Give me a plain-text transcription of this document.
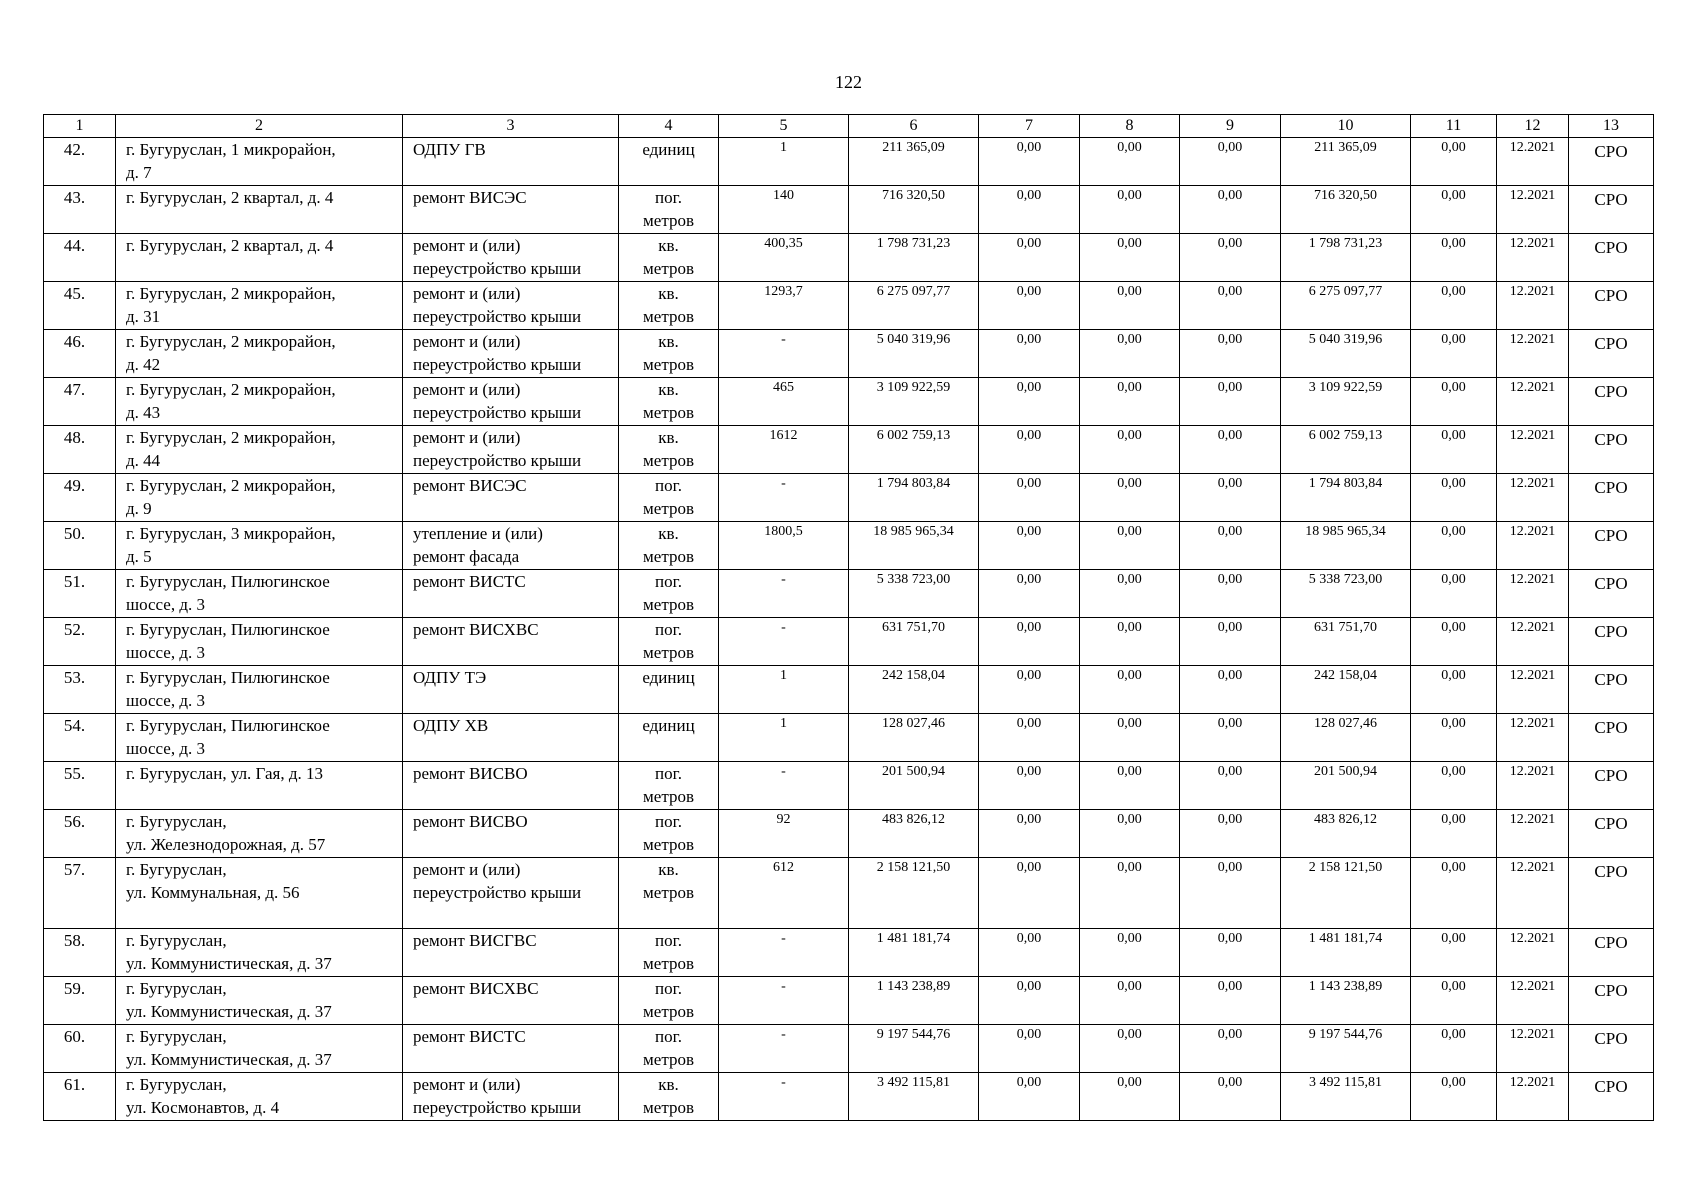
122
1	2	3	4	5	6	7	8	9	10	11	12	13
42.	г. Бугуруслан, 1 микрорайон,
д. 7	ОДПУ ГВ	единиц	1	211 365,09	0,00	0,00	0,00	211 365,09	0,00	12.2021	СРО
43.	г. Бугуруслан, 2 квартал, д. 4	ремонт ВИСЭС	пог.
метров	140	716 320,50	0,00	0,00	0,00	716 320,50	0,00	12.2021	СРО
44.	г. Бугуруслан, 2 квартал, д. 4	ремонт и (или)
переустройство крыши	кв.
метров	400,35	1 798 731,23	0,00	0,00	0,00	1 798 731,23	0,00	12.2021	СРО
45.	г. Бугуруслан, 2 микрорайон,
д. 31	ремонт и (или)
переустройство крыши	кв.
метров	1293,7	6 275 097,77	0,00	0,00	0,00	6 275 097,77	0,00	12.2021	СРО
46.	г. Бугуруслан, 2 микрорайон,
д. 42	ремонт и (или)
переустройство крыши	кв.
метров	-	5 040 319,96	0,00	0,00	0,00	5 040 319,96	0,00	12.2021	СРО
47.	г. Бугуруслан, 2 микрорайон,
д. 43	ремонт и (или)
переустройство крыши	кв.
метров	465	3 109 922,59	0,00	0,00	0,00	3 109 922,59	0,00	12.2021	СРО
48.	г. Бугуруслан, 2 микрорайон,
д. 44	ремонт и (или)
переустройство крыши	кв.
метров	1612	6 002 759,13	0,00	0,00	0,00	6 002 759,13	0,00	12.2021	СРО
49.	г. Бугуруслан, 2 микрорайон,
д. 9	ремонт ВИСЭС	пог.
метров	-	1 794 803,84	0,00	0,00	0,00	1 794 803,84	0,00	12.2021	СРО
50.	г. Бугуруслан, 3 микрорайон,
д. 5	утепление и (или)
ремонт фасада	кв.
метров	1800,5	18 985 965,34	0,00	0,00	0,00	18 985 965,34	0,00	12.2021	СРО
51.	г. Бугуруслан, Пилюгинское
шоссе, д. 3	ремонт ВИСТС	пог.
метров	-	5 338 723,00	0,00	0,00	0,00	5 338 723,00	0,00	12.2021	СРО
52.	г. Бугуруслан, Пилюгинское
шоссе, д. 3	ремонт ВИСХВС	пог.
метров	-	631 751,70	0,00	0,00	0,00	631 751,70	0,00	12.2021	СРО
53.	г. Бугуруслан, Пилюгинское
шоссе, д. 3	ОДПУ ТЭ	единиц	1	242 158,04	0,00	0,00	0,00	242 158,04	0,00	12.2021	СРО
54.	г. Бугуруслан, Пилюгинское
шоссе, д. 3	ОДПУ ХВ	единиц	1	128 027,46	0,00	0,00	0,00	128 027,46	0,00	12.2021	СРО
55.	г. Бугуруслан, ул. Гая, д. 13	ремонт ВИСВО	пог.
метров	-	201 500,94	0,00	0,00	0,00	201 500,94	0,00	12.2021	СРО
56.	г. Бугуруслан,
ул. Железнодорожная, д. 57	ремонт ВИСВО	пог.
метров	92	483 826,12	0,00	0,00	0,00	483 826,12	0,00	12.2021	СРО
57.	г. Бугуруслан,
ул. Коммунальная, д. 56	ремонт и (или)
переустройство крыши	кв.
метров	612	2 158 121,50	0,00	0,00	0,00	2 158 121,50	0,00	12.2021	СРО
58.	г. Бугуруслан,
ул. Коммунистическая, д. 37	ремонт ВИСГВС	пог.
метров	-	1 481 181,74	0,00	0,00	0,00	1 481 181,74	0,00	12.2021	СРО
59.	г. Бугуруслан,
ул. Коммунистическая, д. 37	ремонт ВИСХВС	пог.
метров	-	1 143 238,89	0,00	0,00	0,00	1 143 238,89	0,00	12.2021	СРО
60.	г. Бугуруслан,
ул. Коммунистическая, д. 37	ремонт ВИСТС	пог.
метров	-	9 197 544,76	0,00	0,00	0,00	9 197 544,76	0,00	12.2021	СРО
61.	г. Бугуруслан,
ул. Космонавтов, д. 4	ремонт и (или)
переустройство крыши	кв.
метров	-	3 492 115,81	0,00	0,00	0,00	3 492 115,81	0,00	12.2021	СРО
